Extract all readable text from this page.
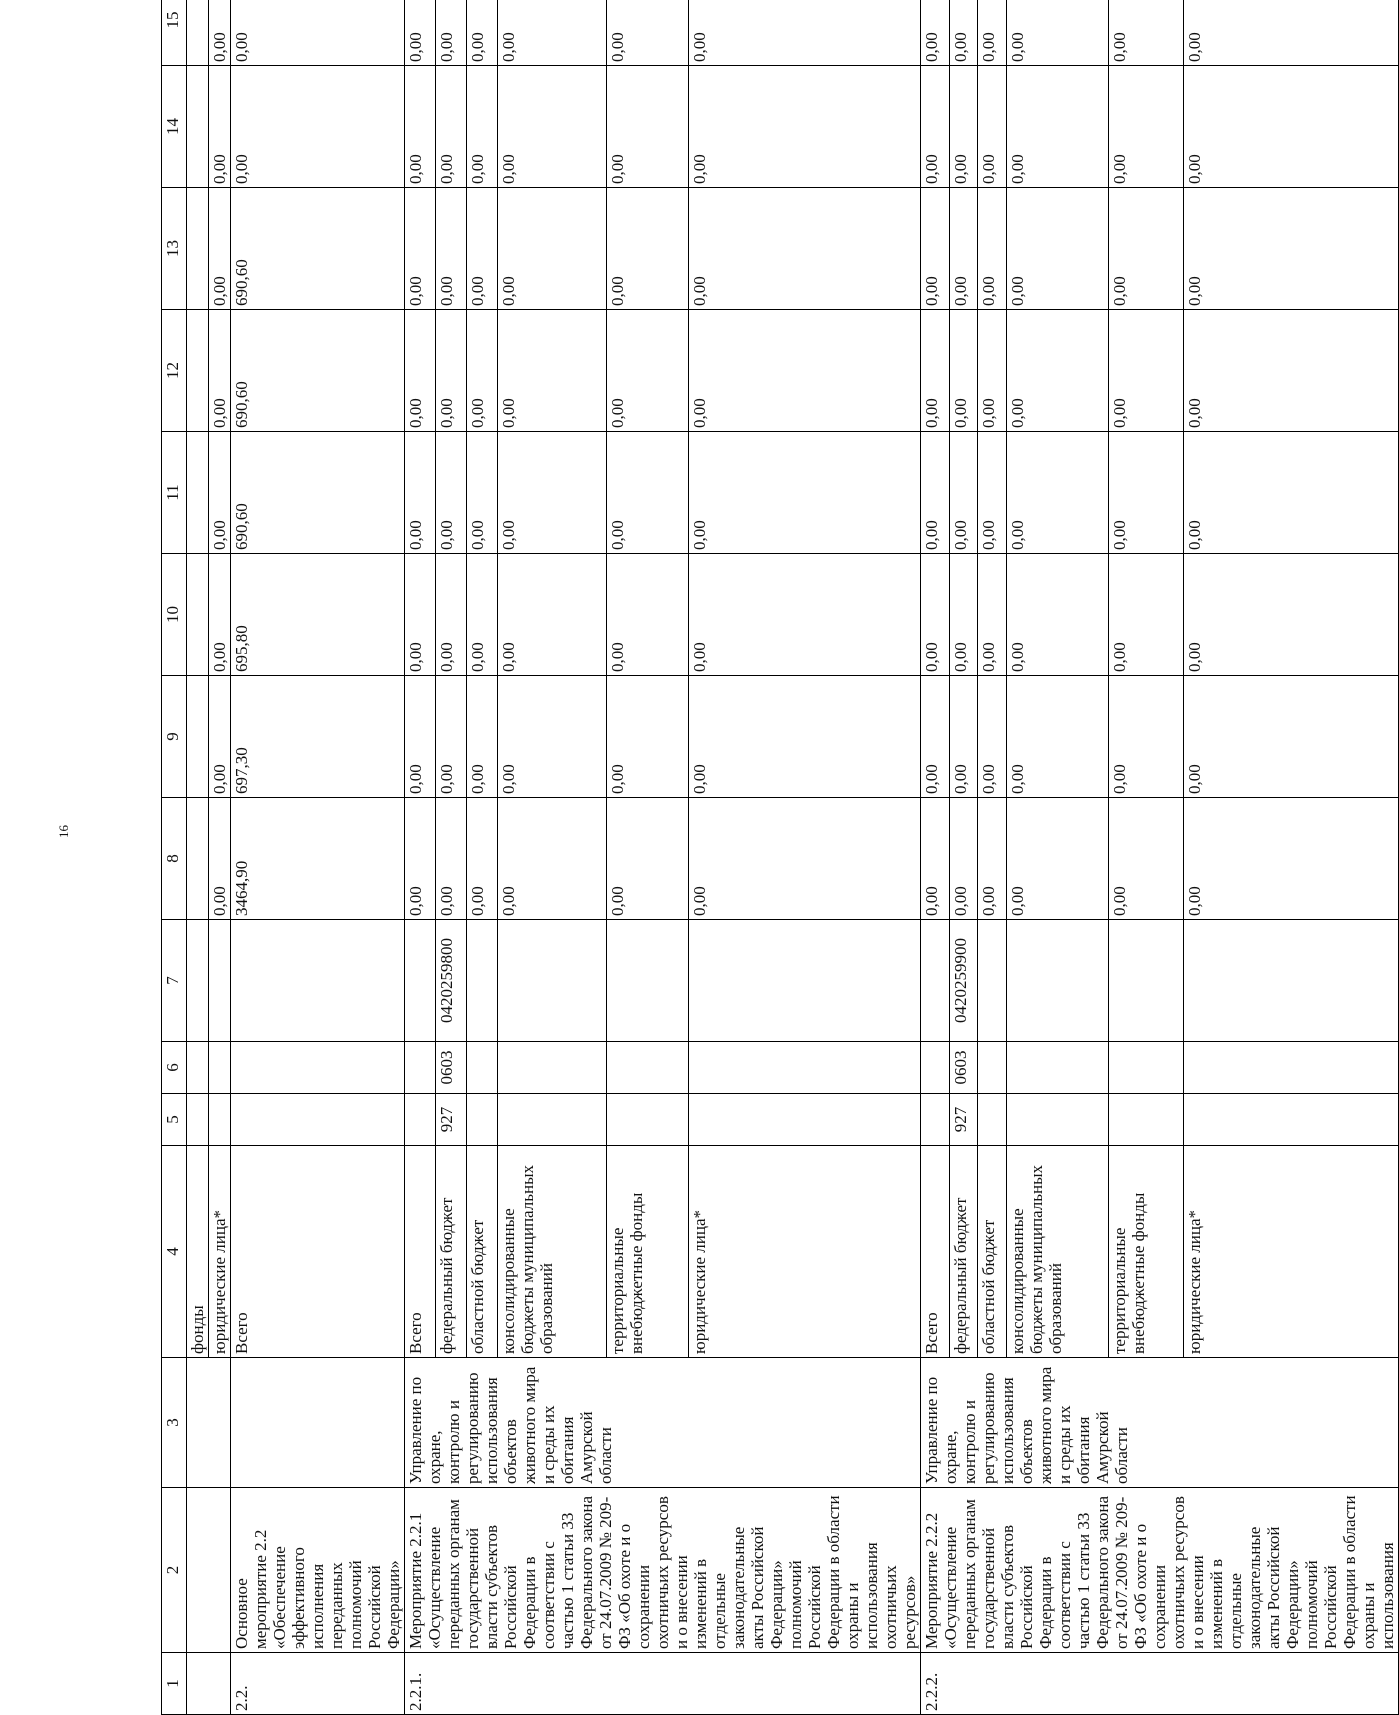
16
1	2	3	4	5	6	7	8	9	10	11	12	13	14	15
			фонды											
			юридические лица*				0,00	0,00	0,00	0,00	0,00	0,00	0,00	0,00
2.2.	Основное мероприятие 2.2 «Обеспечение эффективного исполнения переданных полномочий Российской Федерации»		Всего				3464,90	697,30	695,80	690,60	690,60	690,60	0,00	0,00
2.2.1.	Мероприятие 2.2.1 «Осуществление переданных органам государственной власти субъектов Российской Федерации в соответствии с частью 1 статьи 33 Федерального закона от 24.07.2009 № 209-ФЗ «Об охоте и о сохранении охотничьих ресурсов и о внесении изменений в отдельные законодательные акты Российской Федерации» полномочий Российской Федерации в области охраны и использования охотничьих ресурсов»	Управление по охране, контролю и регулированию использования объектов животного мира и среды их обитания Амурской области	Всего				0,00	0,00	0,00	0,00	0,00	0,00	0,00	0,00
			федеральный бюджет	927	0603	0420259800	0,00	0,00	0,00	0,00	0,00	0,00	0,00	0,00
			областной бюджет				0,00	0,00	0,00	0,00	0,00	0,00	0,00	0,00
			консолидированные бюджеты муниципальных образований				0,00	0,00	0,00	0,00	0,00	0,00	0,00	0,00
			территориальные внебюджетные фонды				0,00	0,00	0,00	0,00	0,00	0,00	0,00	0,00
			юридические лица*				0,00	0,00	0,00	0,00	0,00	0,00	0,00	0,00
2.2.2.	Мероприятие 2.2.2 «Осуществление переданных органам государственной власти субъектов Российской Федерации в соответствии с частью 1 статьи 33 Федерального закона от 24.07.2009 № 209-ФЗ «Об охоте и о сохранении охотничьих ресурсов и о внесении изменений в отдельные законодательные акты Российской Федерации» полномочий Российской Федерации в области охраны и использования	Управление по охране, контролю и регулированию использования объектов животного мира и среды их обитания Амурской области	Всего				0,00	0,00	0,00	0,00	0,00	0,00	0,00	0,00
			федеральный бюджет	927	0603	0420259900	0,00	0,00	0,00	0,00	0,00	0,00	0,00	0,00
			областной бюджет				0,00	0,00	0,00	0,00	0,00	0,00	0,00	0,00
			консолидированные бюджеты муниципальных образований				0,00	0,00	0,00	0,00	0,00	0,00	0,00	0,00
			территориальные внебюджетные фонды				0,00	0,00	0,00	0,00	0,00	0,00	0,00	0,00
			юридические лица*				0,00	0,00	0,00	0,00	0,00	0,00	0,00	0,00
